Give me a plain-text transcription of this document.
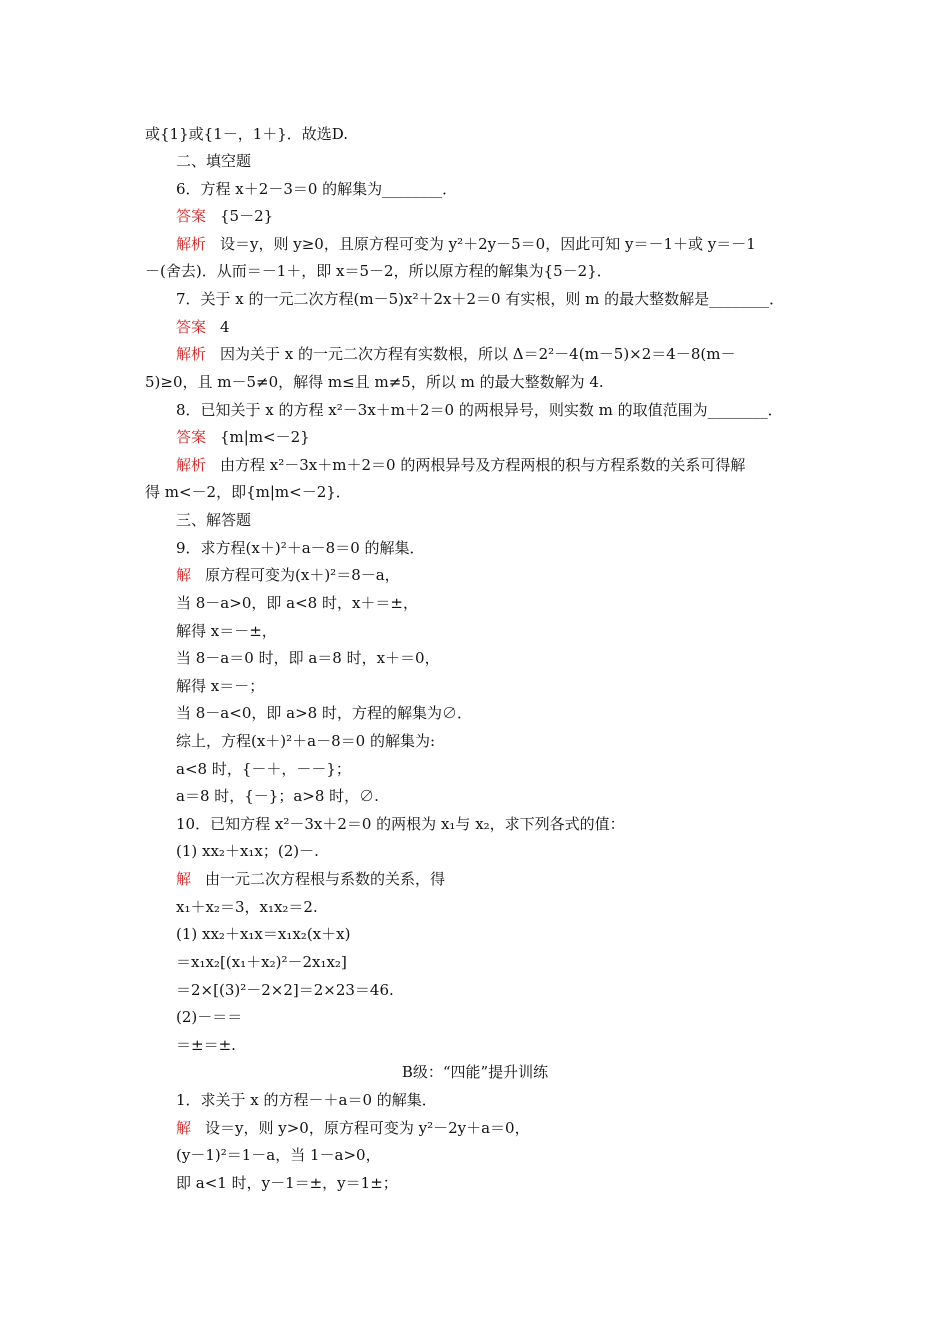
或{1}或{1－，1＋}．故选D.
二、填空题
6．方程 x＋2－3＝0 的解集为________．
答案 {5－2}
解析 设＝y，则 y≥0，且原方程可变为 y²＋2y－5＝0，因此可知 y＝－1＋或 y＝－1
－(舍去)．从而＝－1＋，即 x＝5－2，所以原方程的解集为{5－2}．
7．关于 x 的一元二次方程(m－5)x²＋2x＋2＝0 有实根，则 m 的最大整数解是________．
答案 4
解析 因为关于 x 的一元二次方程有实数根，所以 Δ＝2²－4(m－5)×2＝4－8(m－
5)≥0，且 m－5≠0，解得 m≤且 m≠5，所以 m 的最大整数解为 4.
8．已知关于 x 的方程 x²－3x＋m＋2＝0 的两根异号，则实数 m 的取值范围为________．
答案 {m|m<－2}
解析 由方程 x²－3x＋m＋2＝0 的两根异号及方程两根的积与方程系数的关系可得解
得 m<－2，即{m|m<－2}．
三、解答题
9．求方程(x＋)²＋a－8＝0 的解集．
解 原方程可变为(x＋)²＝8－a，
当 8－a>0，即 a<8 时，x＋＝±，
解得 x＝－±，
当 8－a＝0 时，即 a＝8 时，x＋＝0，
解得 x＝－；
当 8－a<0，即 a>8 时，方程的解集为∅．
综上，方程(x＋)²＋a－8＝0 的解集为:
a<8 时，{－＋，－－}；
a＝8 时，{－}；a>8 时，∅.
10．已知方程 x²－3x＋2＝0 的两根为 x₁与 x₂，求下列各式的值：
(1) xx₂＋x₁x；(2)－.
解 由一元二次方程根与系数的关系，得
x₁＋x₂＝3，x₁x₂＝2.
(1) xx₂＋x₁x＝x₁x₂(x＋x)
＝x₁x₂[(x₁＋x₂)²－2x₁x₂]
＝2×[(3)²－2×2]＝2×23＝46.
(2)－＝＝
＝±＝±.
B级：“四能”提升训练
1．求关于 x 的方程－＋a＝0 的解集．
解 设＝y，则 y>0，原方程可变为 y²－2y＋a＝0，
(y－1)²＝1－a，当 1－a>0，
即 a<1 时，y－1＝±，y＝1±；
